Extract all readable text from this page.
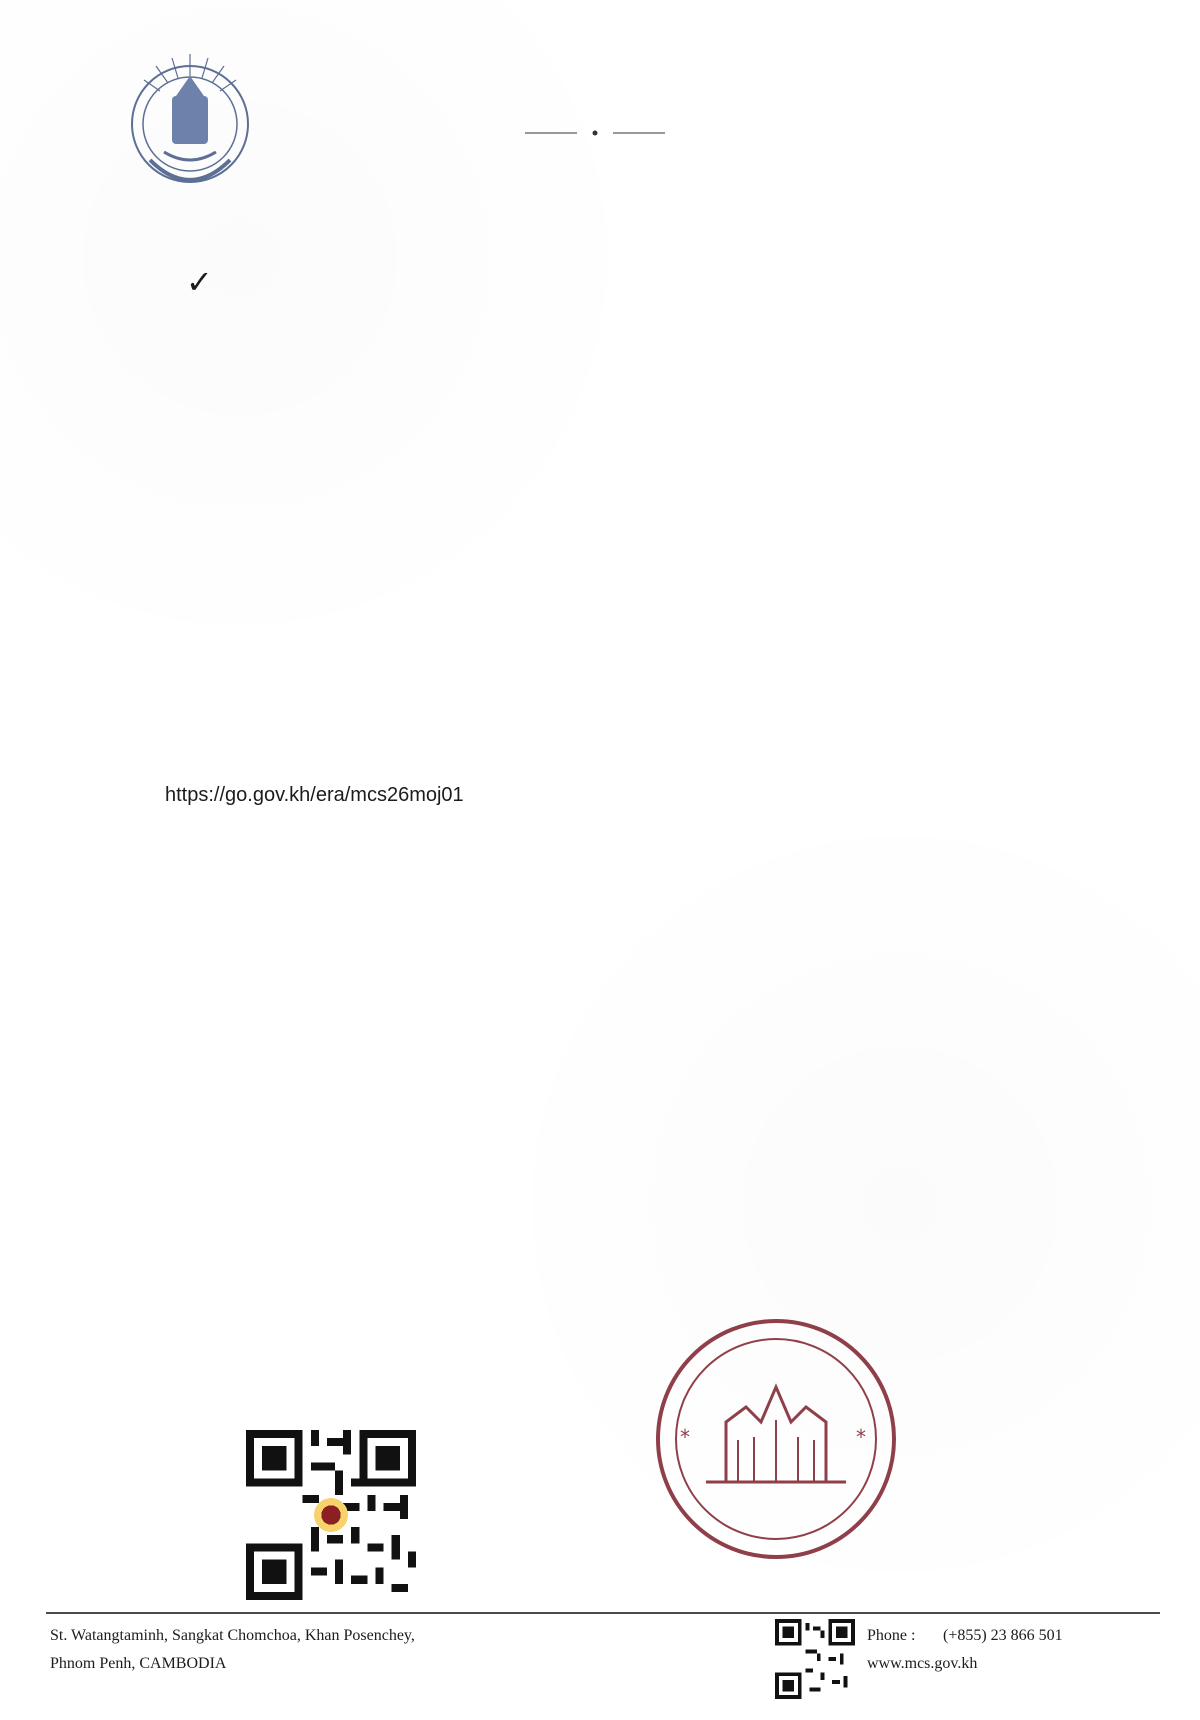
✓

https://go.gov.kh/era/mcs26moj01

*	*
St. Watangtaminh, Sangkat Chomchoa, Khan Posenchey,
Phnom Penh, CAMBODIA
Phone : (+855) 23 866 501
www.mcs.gov.kh
